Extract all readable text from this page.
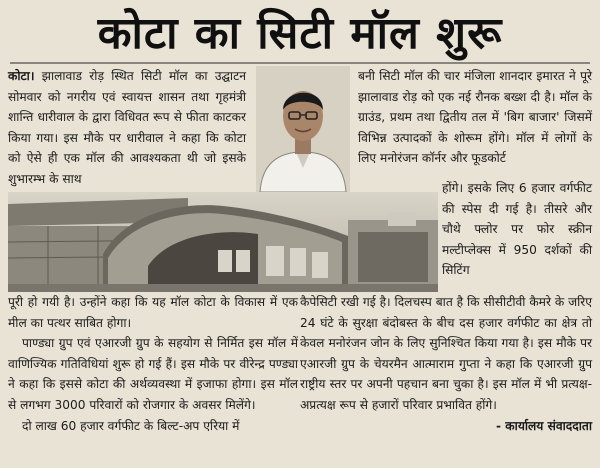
कोटा का सिटी मॉल शुरू

कोटा। झालावाड रोड़ स्थित सिटी मॉल का उद्घाटन सोमवार को नगरीय एवं स्वायत्त शासन तथा गृहमंत्री शान्ति धारीवाल के द्वारा विधिवत रूप से फीता काटकर किया गया। इस मौके पर धारीवाल ने कहा कि कोटा को ऐसे ही एक मॉल की आवश्यकता थी जो इसके शुभारम्भ के साथ

बनी सिटी मॉल की चार मंजिला शानदार इमारत ने पूरे झालावाड रोड़ को एक नई रौनक बख्श दी है। मॉल के ग्राउंड, प्रथम तथा द्वितीय तल में 'बिग बाजार' जिसमें विभिन्न उत्पादकों के शोरूम होंगे। मॉल में लोगों के लिए मनोरंजन कॉर्नर और फूडकोर्ट

होंगे। इसके लिए 6 हजार वर्गफीट की स्पेस दी गई है। तीसरे और चौथे फ्लोर पर फोर स्क्रीन मल्टीप्लेक्स में 950 दर्शकों की सिटिंग

पूरी हो गयी है। उन्होंने कहा कि यह मॉल कोटा के विकास में एक मील का पत्थर साबित होगा।

पाण्ड्या ग्रुप एवं एआरजी ग्रुप के सहयोग से निर्मित इस मॉल में वाणिज्यिक गतिविधियां शुरू हो गई हैं। इस मौके पर वीरेन्द्र पण्ड्या ने कहा कि इससे कोटा की अर्थव्यवस्था में इजाफा होगा। इस मॉल से लगभग 3000 परिवारों को रोजगार के अवसर मिलेंगे।

दो लाख 60 हजार वर्गफीट के बिल्ट-अप एरिया में

कैपेसिटी रखी गई है। दिलचस्प बात है कि सीसीटीवी कैमरे के जरिए 24 घंटे के सुरक्षा बंदोबस्त के बीच दस हजार वर्गफीट का क्षेत्र तो केवल मनोरंजन जोन के लिए सुनिश्चित किया गया है। इस मौके पर एआरजी ग्रुप के चेयरमैन आत्माराम गुप्ता ने कहा कि एआरजी ग्रुप राष्ट्रीय स्तर पर अपनी पहचान बना चुका है। इस मॉल में भी प्रत्यक्ष-अप्रत्यक्ष रूप से हजारों परिवार प्रभावित होंगे।

- कार्यालय संवाददाता
